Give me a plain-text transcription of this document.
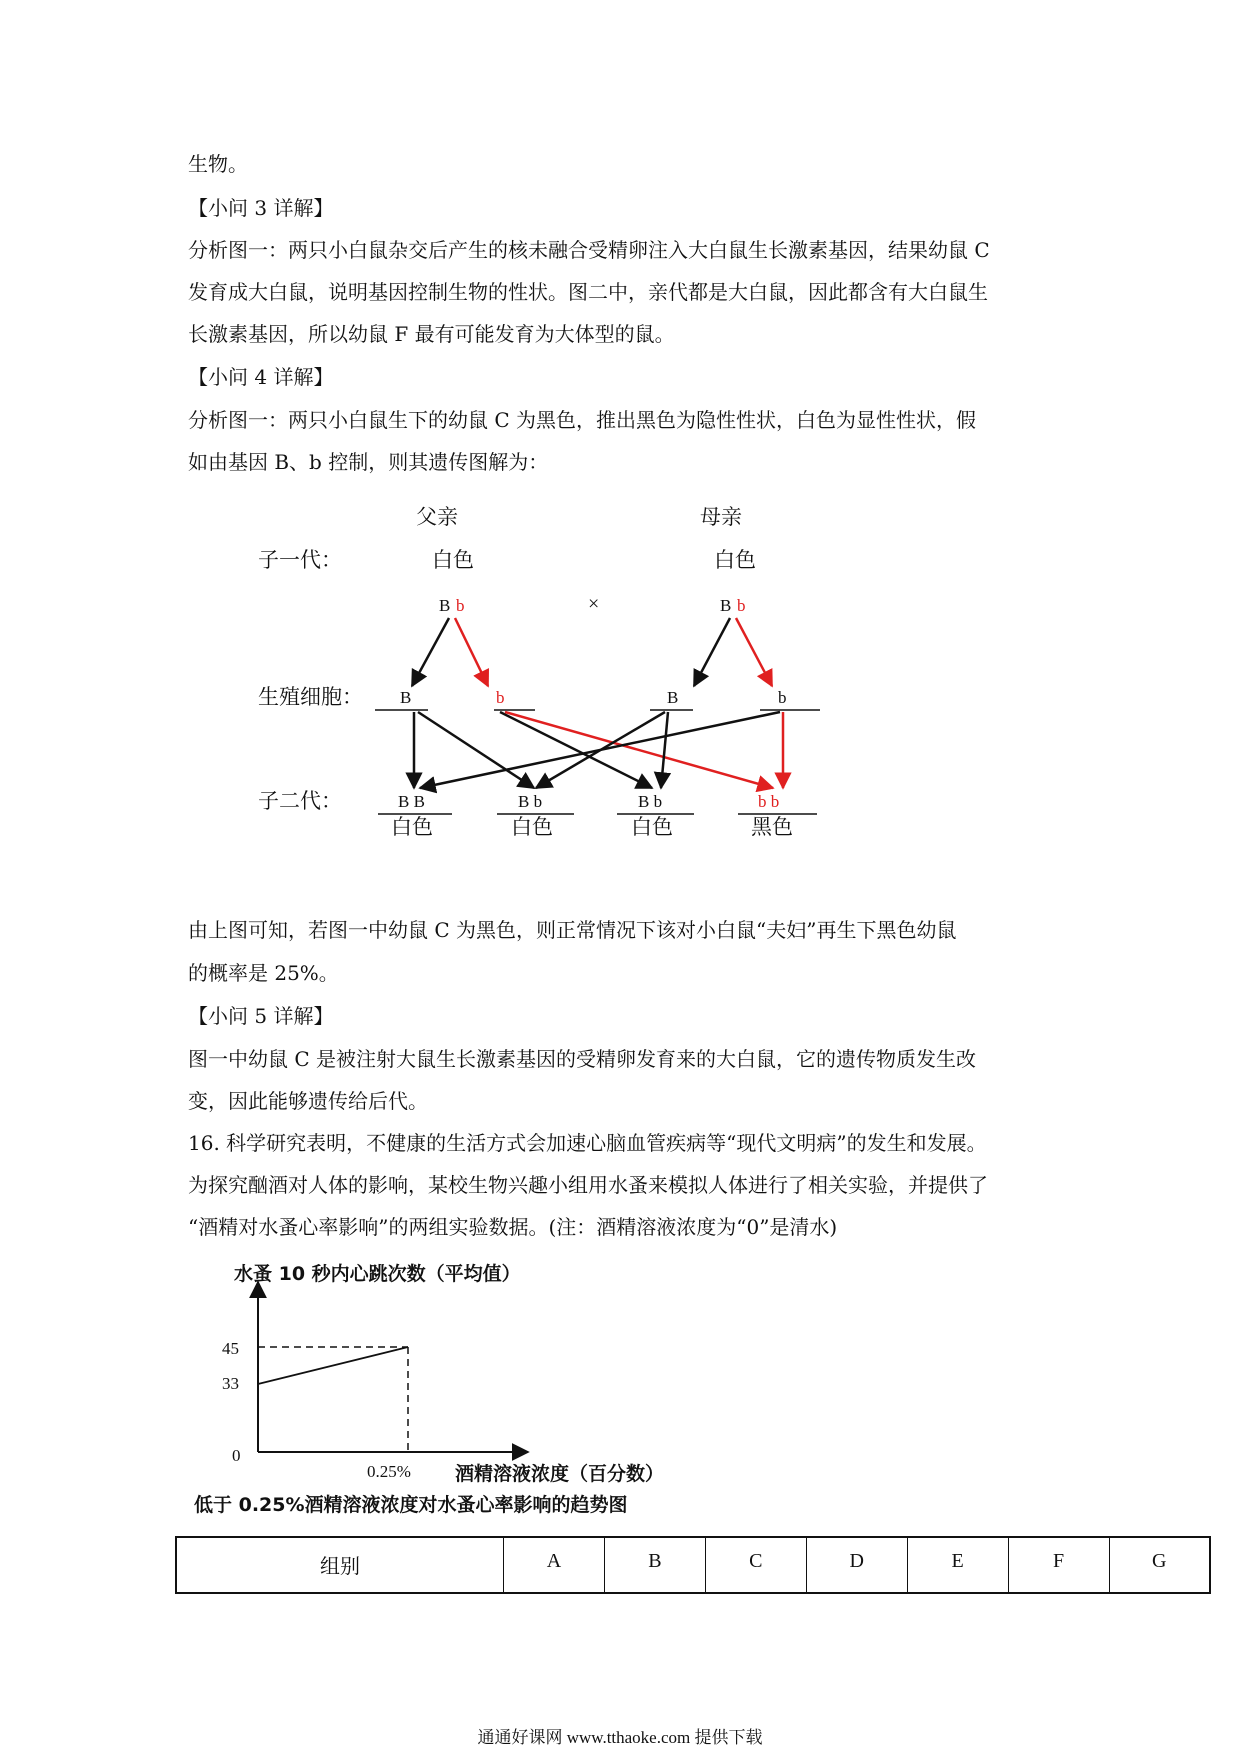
生物。
【小问 3 详解】
分析图一：两只小白鼠杂交后产生的核未融合受精卵注入大白鼠生长激素基因，结果幼鼠 C
发育成大白鼠，说明基因控制生物的性状。图二中，亲代都是大白鼠，因此都含有大白鼠生
长激素基因，所以幼鼠 F 最有可能发育为大体型的鼠。
【小问 4 详解】
分析图一：两只小白鼠生下的幼鼠 C 为黑色，推出黑色为隐性性状，白色为显性性状，假
如由基因 B、b 控制，则其遗传图解为：
父亲	母亲
子一代：	白色	白色
B b	×	B b
生殖细胞： B	b	B	b
子二代：	B B	B b	B b	b b
白色	白色	白色	黑色
由上图可知，若图一中幼鼠 C 为黑色，则正常情况下该对小白鼠“夫妇”再生下黑色幼鼠
的概率是 25%。
【小问 5 详解】
图一中幼鼠 C 是被注射大鼠生长激素基因的受精卵发育来的大白鼠，它的遗传物质发生改
变，因此能够遗传给后代。
16. 科学研究表明，不健康的生活方式会加速心脑血管疾病等“现代文明病”的发生和发展。
为探究酗酒对人体的影响，某校生物兴趣小组用水蚤来模拟人体进行了相关实验，并提供了
“酒精对水蚤心率影响”的两组实验数据。(注：酒精溶液浓度为“0”是清水)
水蚤 10 秒内心跳次数（平均值）
45
33
0
0.25% 酒精溶液浓度（百分数）
低于 0.25%酒精溶液浓度对水蚤心率影响的趋势图
组别	A	B	C	D	E	F	G
通通好课网 www.tthaoke.com 提供下载
